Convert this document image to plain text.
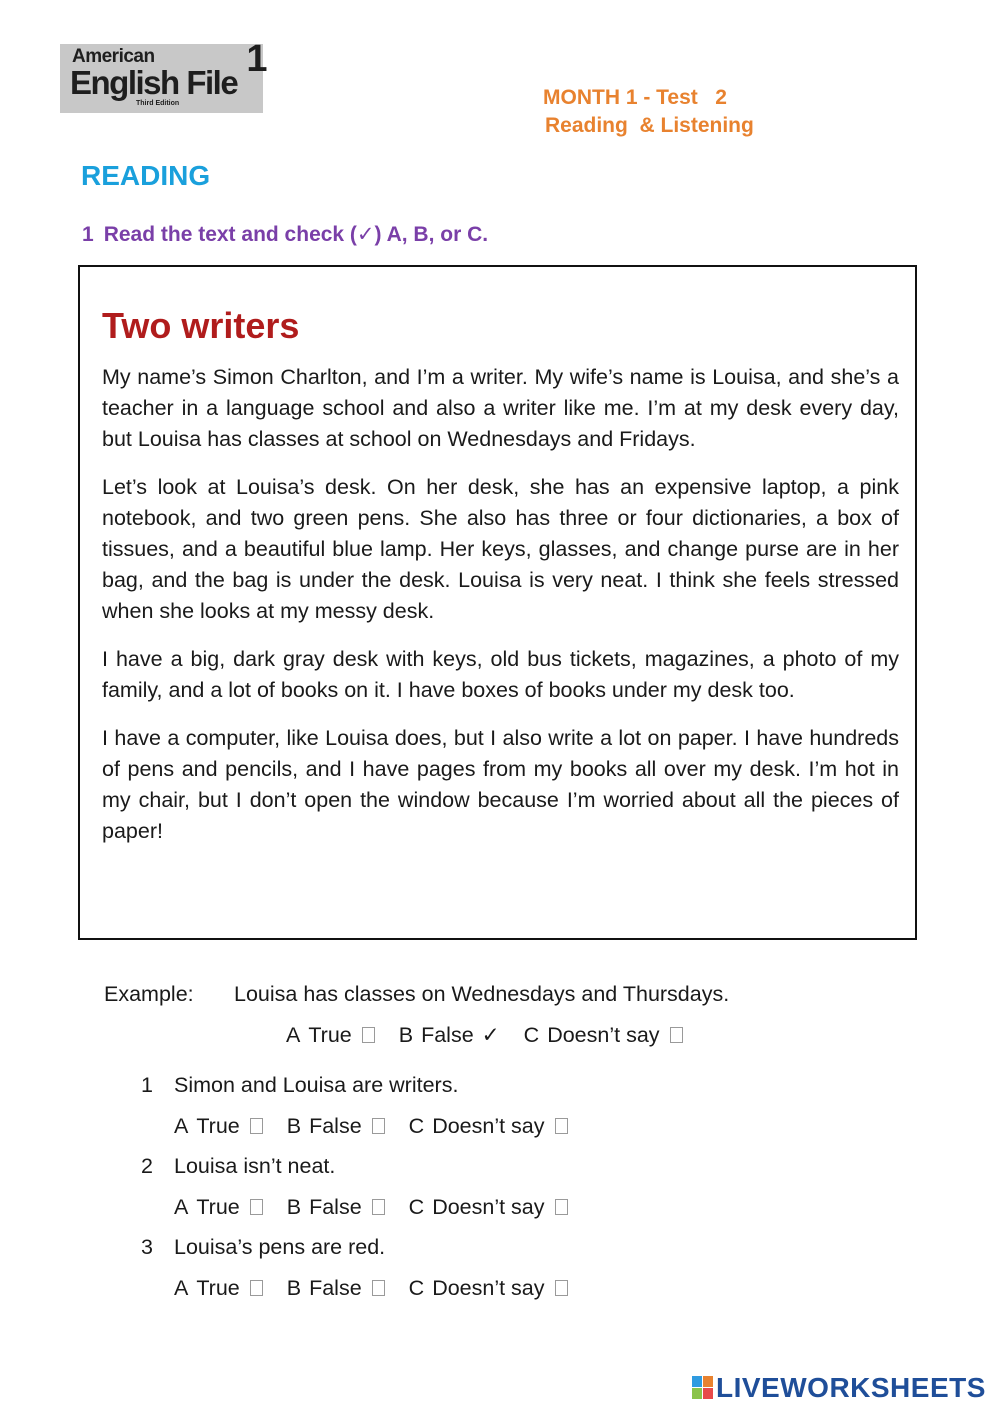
American
English File
Third Edition
1
MONTH 1 - Test   2
Reading  & Listening
READING
1 Read the text and check (✓) A, B, or C.
Two writers

My name’s Simon Charlton, and I’m a writer. My wife’s name is Louisa, and she’s a teacher in a language school and also a writer like me. I’m at my desk every day, but Louisa has classes at school on Wednesdays and Fridays.

Let’s look at Louisa’s desk. On her desk, she has an expensive laptop, a pink notebook, and two green pens. She also has three or four dictionaries, a box of tissues, and a beautiful blue lamp. Her keys, glasses, and change purse are in her bag, and the bag is under the desk. Louisa is very neat. I think she feels stressed when she looks at my messy desk.

I have a big, dark gray desk with keys, old bus tickets, magazines, a photo of my family, and a lot of books on it. I have boxes of books under my desk too.

I have a computer, like Louisa does, but I also write a lot on paper. I have hundreds of pens and pencils, and I have pages from my books all over my desk. I’m hot in my chair, but I don’t open the window because I’m worried about all the pieces of paper!

Example: Louisa has classes on Wednesdays and Thursdays.
A True B False ✓ C Doesn’t say
1 Simon and Louisa are writers.
A True B False C Doesn’t say
2 Louisa isn’t neat.
A True B False C Doesn’t say
3 Louisa’s pens are red.
A True B False C Doesn’t say
LIVEWORKSHEETS
